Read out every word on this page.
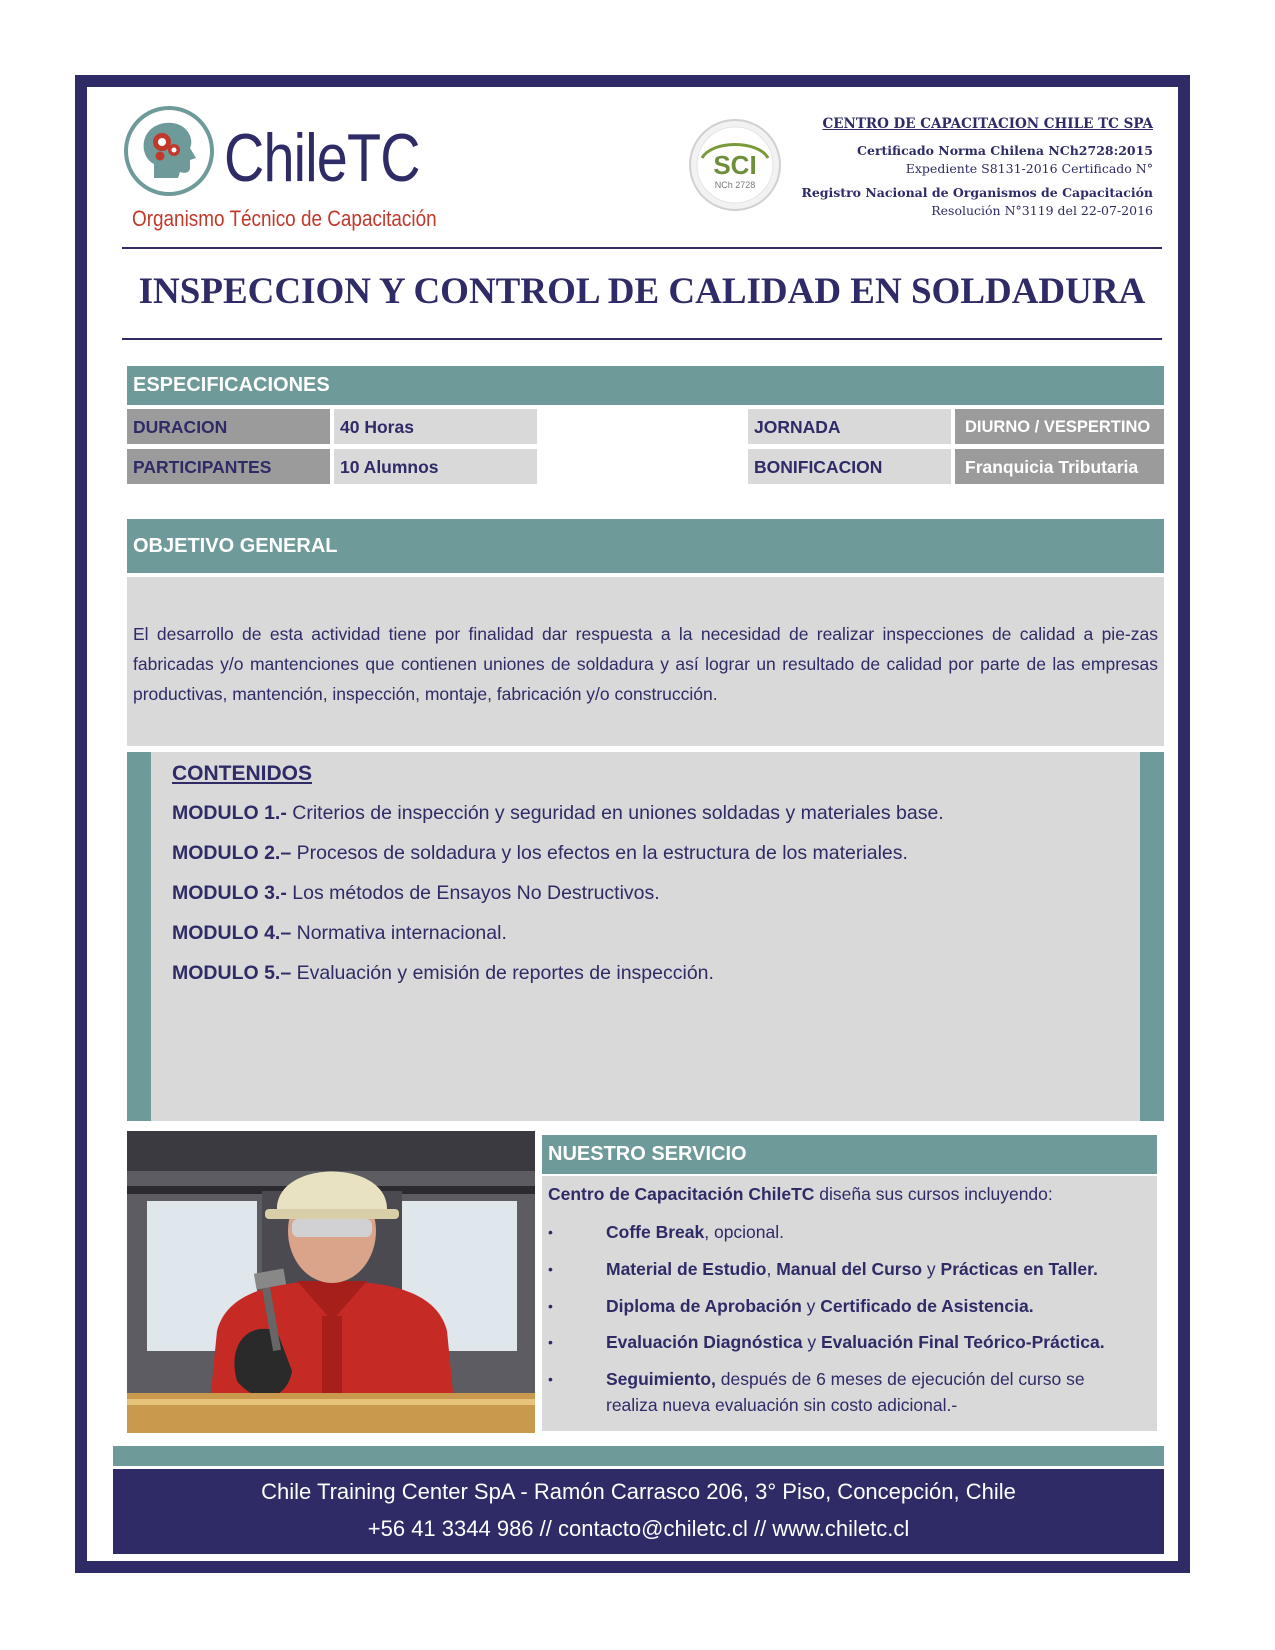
ChileTC
Organismo Técnico de Capacitación
SCI
NCh 2728
CENTRO DE CAPACITACION CHILE TC SPA
Certificado Norma Chilena NCh2728:2015
Expediente S8131-2016 Certificado N°
Registro Nacional de Organismos de Capacitación
Resolución N°3119 del 22-07-2016
INSPECCION Y CONTROL DE CALIDAD EN SOLDADURA
ESPECIFICACIONES
DURACION	40 Horas
PARTICIPANTES	10 Alumnos
JORNADA	DIURNO / VESPERTINO
BONIFICACION	Franquicia Tributaria
OBJETIVO GENERAL
El desarrollo de esta actividad tiene por finalidad dar respuesta a la necesidad de realizar inspecciones de calidad a pie-zas fabricadas y/o mantenciones que contienen uniones de soldadura y así lograr un resultado de calidad por parte de las empresas productivas, mantención, inspección, montaje, fabricación y/o construcción.
CONTENIDOS
MODULO 1.- Criterios de inspección y seguridad en uniones soldadas y materiales base.
MODULO 2.– Procesos de soldadura y los efectos en la estructura de los materiales.
MODULO 3.- Los métodos de Ensayos No Destructivos.
MODULO 4.– Normativa internacional.
MODULO 5.– Evaluación y emisión de reportes de inspección.
NUESTRO SERVICIO
Centro de Capacitación ChileTC diseña sus cursos incluyendo:
•	Coffe Break, opcional.
•	Material de Estudio, Manual del Curso y Prácticas en Taller.
•	Diploma de Aprobación y Certificado de Asistencia.
•	Evaluación Diagnóstica y Evaluación Final Teórico-Práctica.
•	Seguimiento, después de 6 meses de ejecución del curso se realiza nueva evaluación sin costo adicional.-
Chile Training Center SpA - Ramón Carrasco 206, 3° Piso, Concepción, Chile
+56 41 3344 986 // contacto@chiletc.cl // www.chiletc.cl
